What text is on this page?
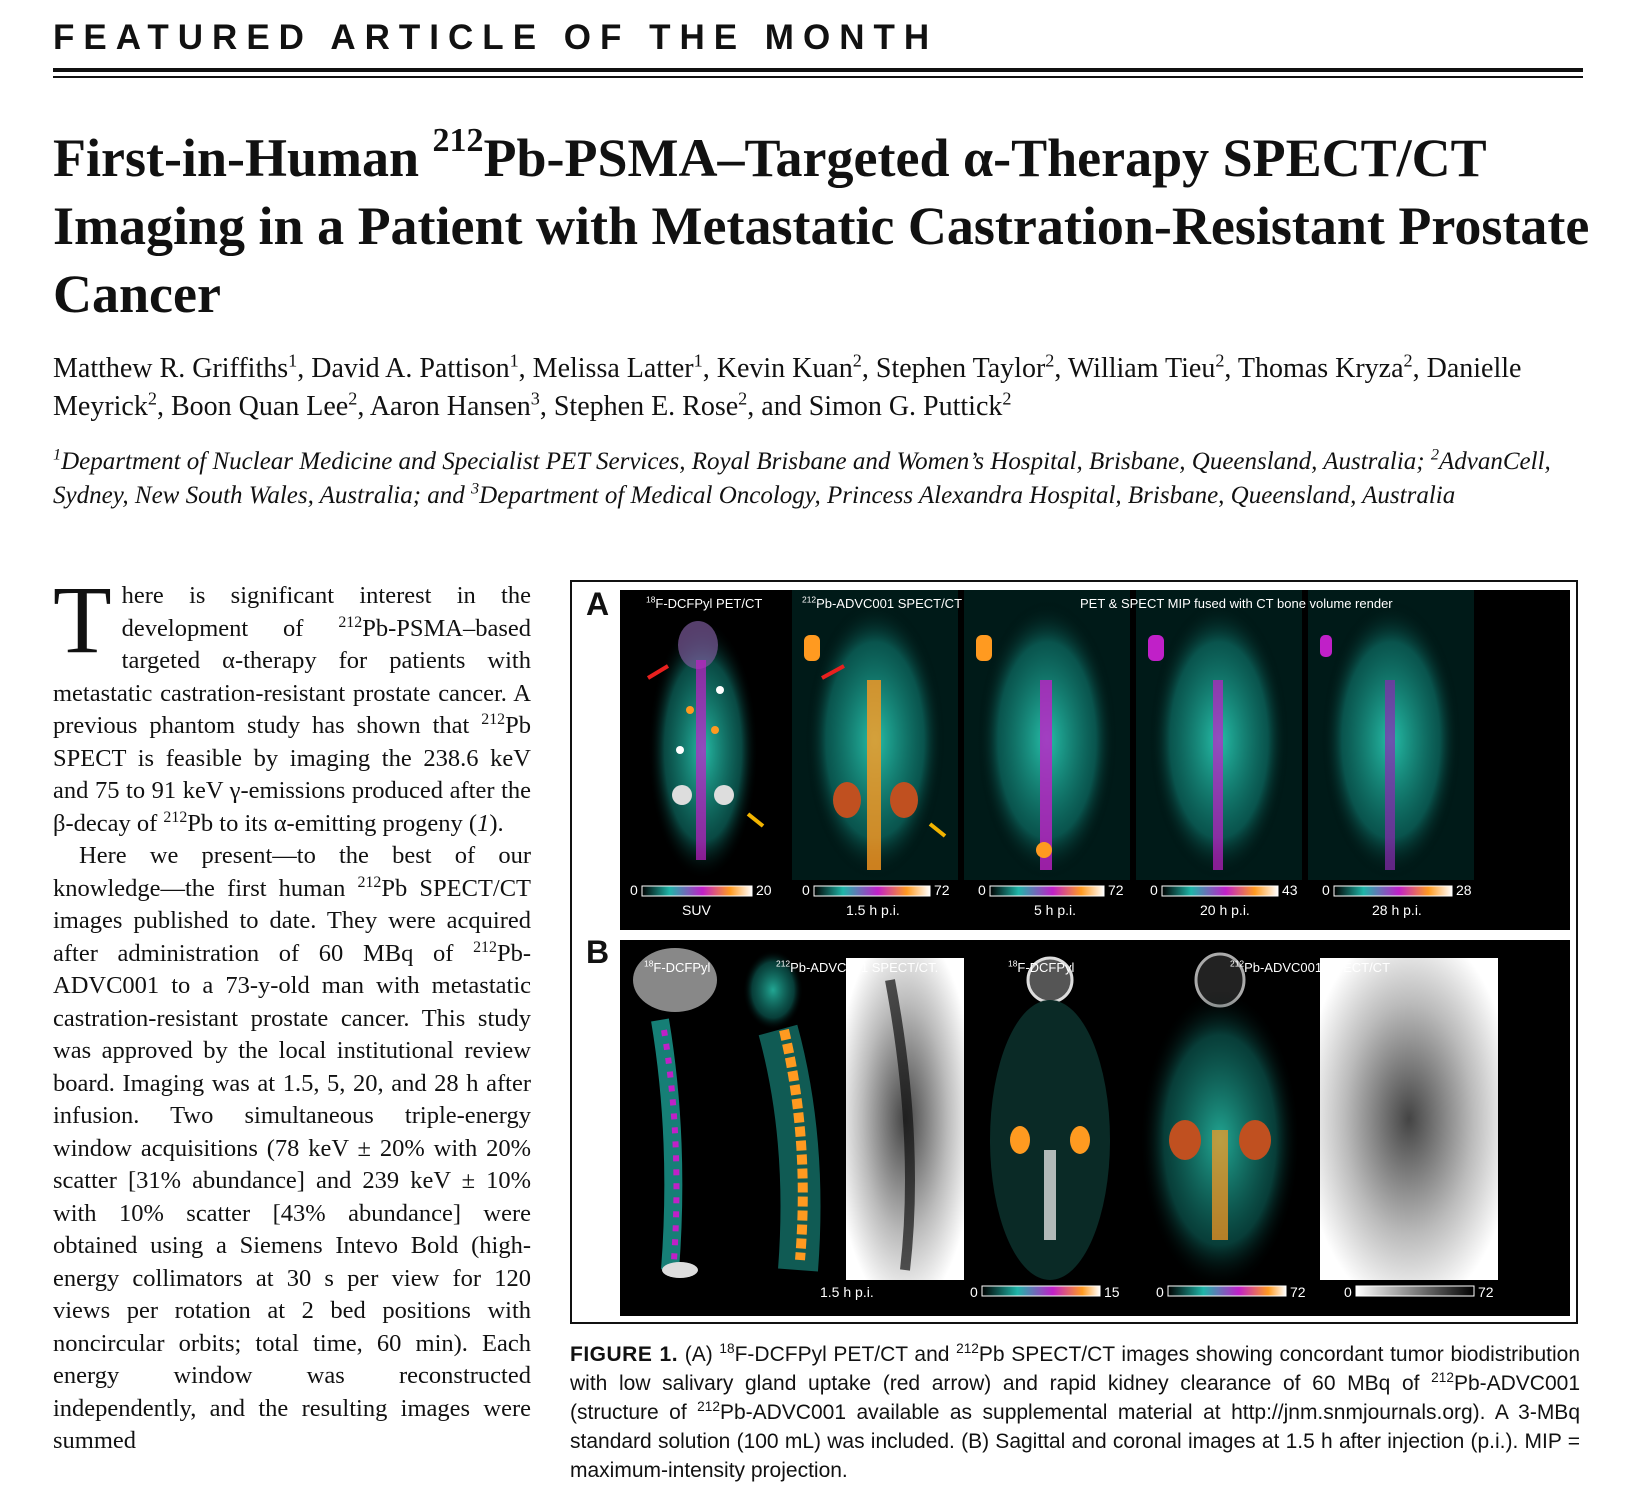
FEATURED ARTICLE OF THE MONTH
First-in-Human $^{212}$Pb-PSMA–Targeted α-Therapy SPECT/CT Imaging in a Patient with Metastatic Castration-Resistant Prostate Cancer
Matthew R. Griffiths$^1$, David A. Pattison$^1$, Melissa Latter$^1$, Kevin Kuan$^2$, Stephen Taylor$^2$, William Tieu$^2$, Thomas Kryza$^2$, Danielle Meyrick$^2$, Boon Quan Lee$^2$, Aaron Hansen$^3$, Stephen E. Rose$^2$, and Simon G. Puttick$^2$
$^1$Department of Nuclear Medicine and Specialist PET Services, Royal Brisbane and Women’s Hospital, Brisbane, Queensland, Australia; $^2$AdvanCell, Sydney, New South Wales, Australia; and $^3$Department of Medical Oncology, Princess Alexandra Hospital, Brisbane, Queensland, Australia

There is significant interest in the development of $^{212}$Pb-PSMA–based targeted α-therapy for patients with metastatic castration-resistant prostate cancer. A previous phantom study has shown that $^{212}$Pb SPECT is feasible by imaging the 238.6 keV and 75 to 91 keV γ-emissions produced after the β-decay of $^{212}$Pb to its α-emitting progeny (1).

Here we present—to the best of our knowledge—the first human $^{212}$Pb SPECT/CT images published to date. They were acquired after administration of 60 MBq of $^{212}$Pb-ADVC001 to a 73-y-old man with metastatic castration-resistant prostate cancer. This study was approved by the local institutional review board. Imaging was at 1.5, 5, 20, and 28 h after infusion. Two simultaneous triple-energy window acquisitions (78 keV ± 20% with 20% scatter [31% abundance] and 239 keV ± 10% with 10% scatter [43% abundance] were obtained using a Siemens Intevo Bold (high-energy collimators at 30 s per view for 120 views per rotation at 2 bed positions with noncircular orbits; total time, 60 min). Each energy window was reconstructed independently, and the resulting images were summed

A
B
$^{18}$F-DCFPyl PET/CT	$^{212}$Pb-ADVC001 SPECT/CT	PET & SPECT MIP fused with CT bone volume render
0	20
SUV
0	72
1.5 h p.i.
0	72
5 h p.i.
0	43
20 h p.i.
0	28
28 h p.i.
$^{18}$F-DCFPyl	$^{212}$Pb-ADVC001 SPECT/CT.	$^{18}$F-DCFPyl	$^{212}$Pb-ADVC001 SPECT/CT
1.5 h p.i.	0	15	0	72	0	72
FIGURE 1. (A) $^{18}$F-DCFPyl PET/CT and $^{212}$Pb SPECT/CT images showing concordant tumor biodistribution with low salivary gland uptake (red arrow) and rapid kidney clearance of 60 MBq of $^{212}$Pb-ADVC001 (structure of $^{212}$Pb-ADVC001 available as supplemental material at http://jnm.snmjournals.org). A 3-MBq standard solution (100 mL) was included. (B) Sagittal and coronal images at 1.5 h after injection (p.i.). MIP = maximum-intensity projection.
